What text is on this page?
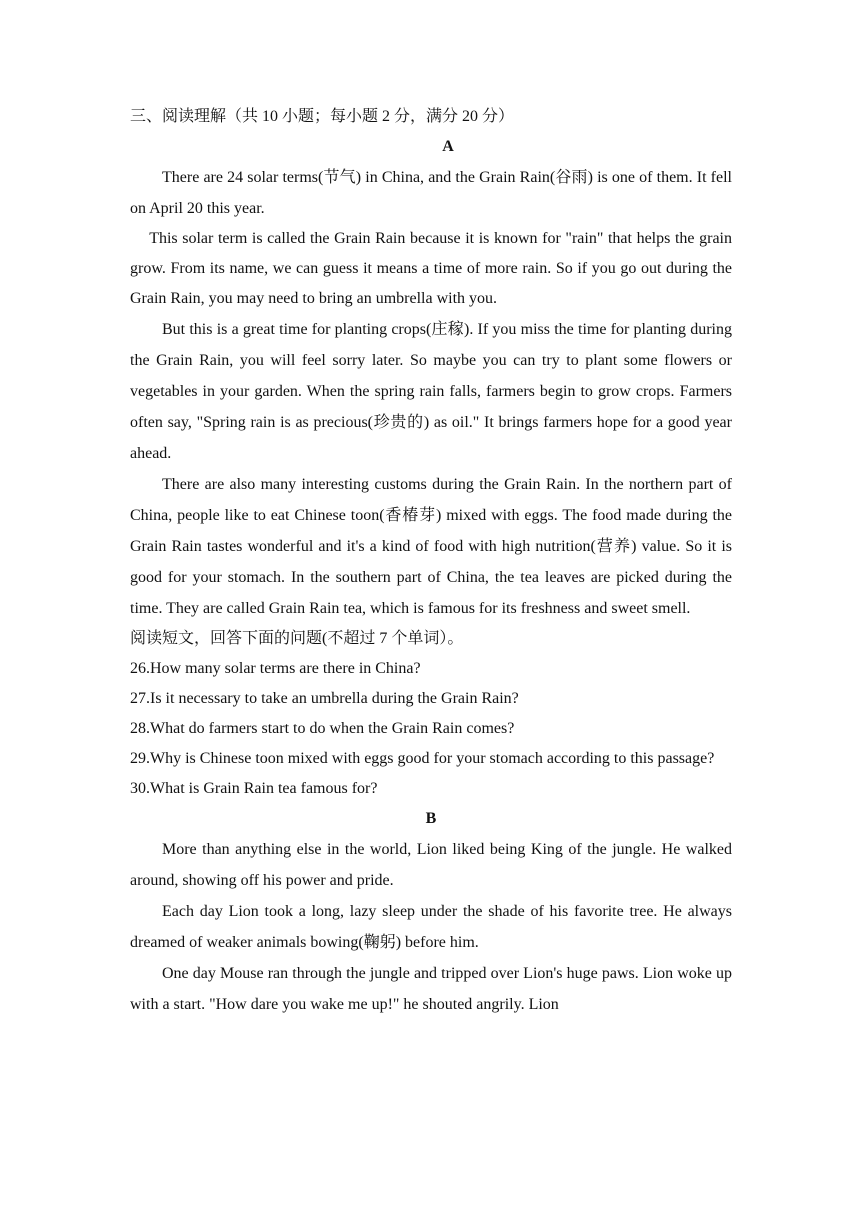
三、阅读理解（共 10 小题；每小题 2 分，满分 20 分）
A
There are 24 solar terms(节气) in China, and the Grain Rain(谷雨) is one of them. It fell on April 20 this year.
This solar term is called the Grain Rain because it is known for "rain" that helps the grain grow. From its name, we can guess it means a time of more rain. So if you go out during the Grain Rain, you may need to bring an umbrella with you.
But this is a great time for planting crops(庄稼). If you miss the time for planting during the Grain Rain, you will feel sorry later. So maybe you can try to plant some flowers or vegetables in your garden. When the spring rain falls, farmers begin to grow crops. Farmers often say, "Spring rain is as precious(珍贵的) as oil." It brings farmers hope for a good year ahead.
There are also many interesting customs during the Grain Rain. In the northern part of China, people like to eat Chinese toon(香椿芽) mixed with eggs. The food made during the Grain Rain tastes wonderful and it's a kind of food with high nutrition(营养) value. So it is good for your stomach. In the southern part of China, the tea leaves are picked during the time. They are called Grain Rain tea, which is famous for its freshness and sweet smell.
阅读短文，回答下面的问题(不超过 7 个单词）。
26.How many solar terms are there in China?
27.Is it necessary to take an umbrella during the Grain Rain?
28.What do farmers start to do when the Grain Rain comes?
29.Why is Chinese toon mixed with eggs good for your stomach according to this passage?
30.What is Grain Rain tea famous for?
B
More than anything else in the world, Lion liked being King of the jungle. He walked around, showing off his power and pride.
Each day Lion took a long, lazy sleep under the shade of his favorite tree. He always dreamed of weaker animals bowing(鞠躬) before him.
One day Mouse ran through the jungle and tripped over Lion's huge paws. Lion woke up with a start. "How dare you wake me up!" he shouted angrily. Lion
